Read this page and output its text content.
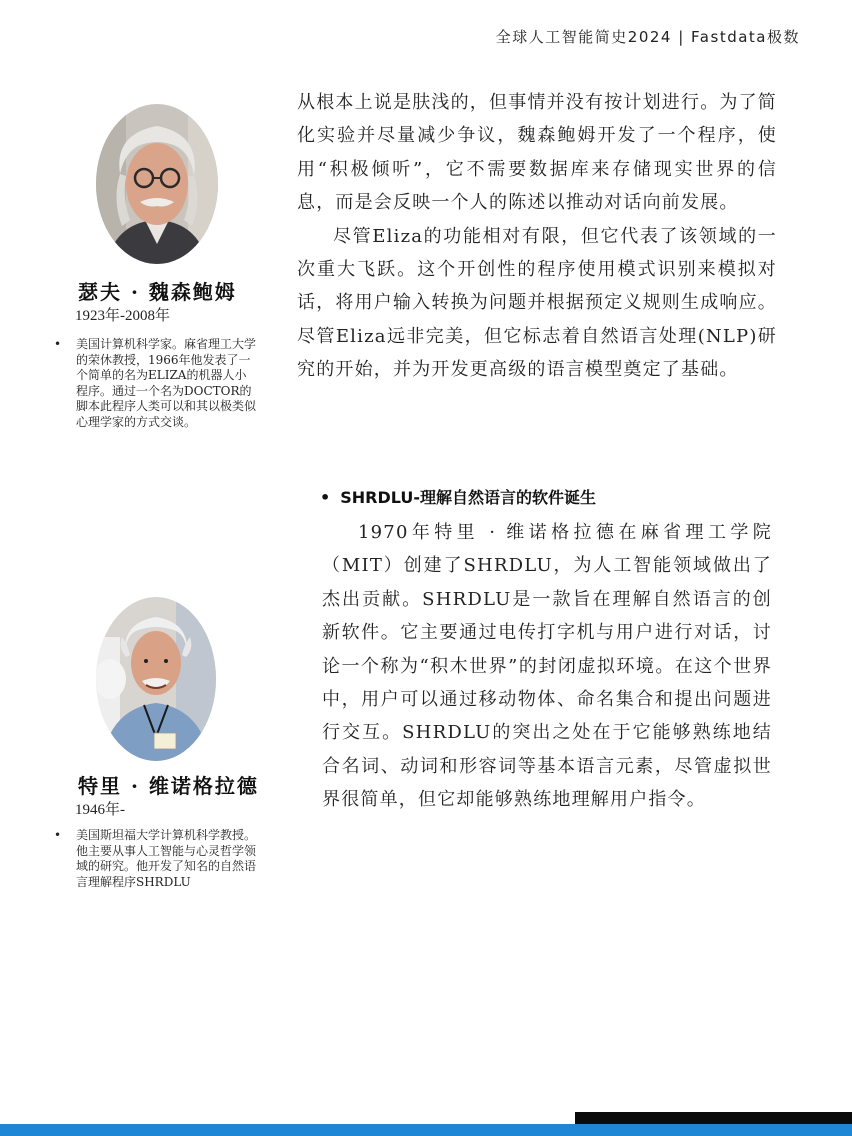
全球人工智能简史2024 | Fastdata极数
瑟夫 · 魏森鲍姆
1923年-2008年
• 美国计算机科学家。麻省理工大学的荣休教授，1966年他发表了一个简单的名为ELIZA的机器人小程序。通过一个名为DOCTOR的脚本此程序人类可以和其以极类似心理学家的方式交谈。
特里 · 维诺格拉德
1946年-
• 美国斯坦福大学计算机科学教授。他主要从事人工智能与心灵哲学领域的研究。他开发了知名的自然语言理解程序SHRDLU

从根本上说是肤浅的，但事情并没有按计划进行。为了简化实验并尽量减少争议，魏森鲍姆开发了一个程序，使用“积极倾听”，它不需要数据库来存储现实世界的信息，而是会反映一个人的陈述以推动对话向前发展。

尽管Eliza的功能相对有限，但它代表了该领域的一次重大飞跃。这个开创性的程序使用模式识别来模拟对话，将用户输入转换为问题并根据预定义规则生成响应。尽管Eliza远非完美，但它标志着自然语言处理(NLP)研究的开始，并为开发更高级的语言模型奠定了基础。

• SHRDLU-理解自然语言的软件诞生

1970年特里 · 维诺格拉德在麻省理工学院（MIT）创建了SHRDLU，为人工智能领域做出了杰出贡献。SHRDLU是一款旨在理解自然语言的创新软件。它主要通过电传打字机与用户进行对话，讨论一个称为“积木世界”的封闭虚拟环境。在这个世界中，用户可以通过移动物体、命名集合和提出问题进行交互。SHRDLU的突出之处在于它能够熟练地结合名词、动词和形容词等基本语言元素，尽管虚拟世界很简单，但它却能够熟练地理解用户指令。
